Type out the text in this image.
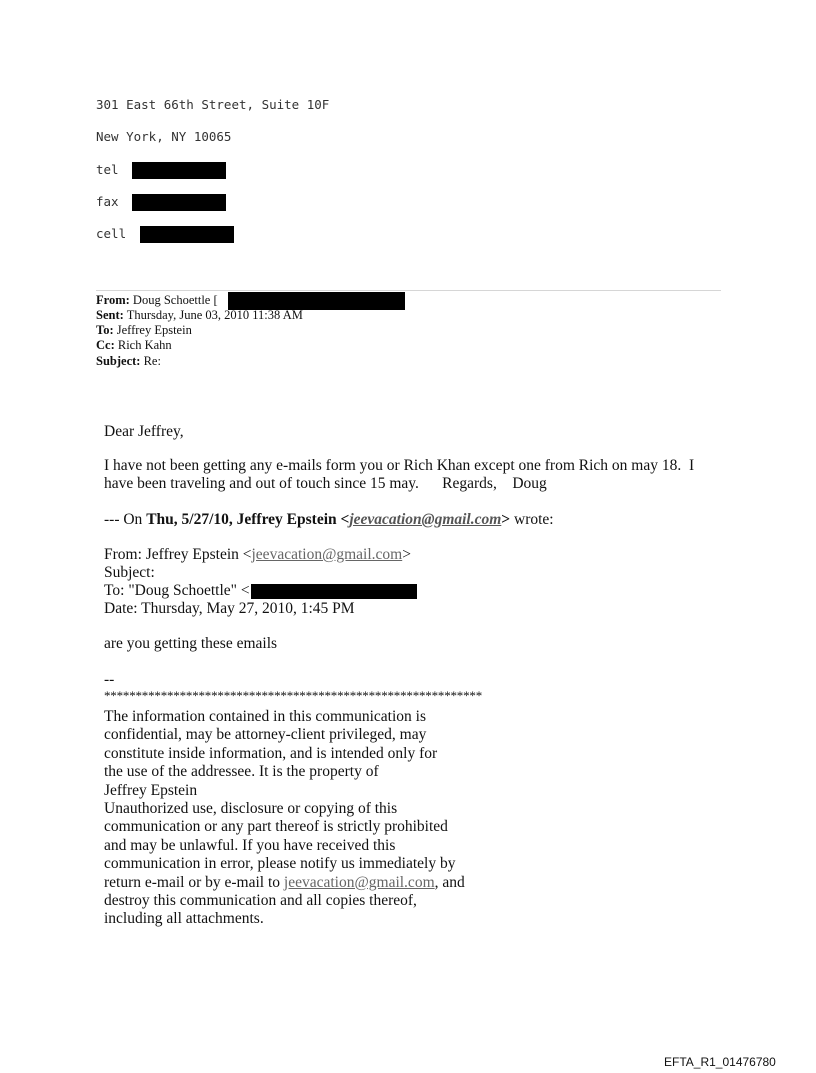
301 East 66th Street, Suite 10F
New York, NY 10065
tel
fax
cell
From: Doug Schoettle [
Sent: Thursday, June 03, 2010 11:38 AM
To: Jeffrey Epstein
Cc: Rich Kahn
Subject: Re:
Dear Jeffrey,
I have not been getting any e-mails form you or Rich Khan except one from Rich on may 18.  I
have been traveling and out of touch since 15 may.      Regards,    Doug
--- On Thu, 5/27/10, Jeffrey Epstein <jeevacation@gmail.com> wrote:
From: Jeffrey Epstein <jeevacation@gmail.com>
Subject:
To: "Doug Schoettle" <
Date: Thursday, May 27, 2010, 1:45 PM
are you getting these emails
--
************************************************************
The information contained in this communication is
confidential, may be attorney-client privileged, may
constitute inside information, and is intended only for
the use of the addressee. It is the property of
Jeffrey Epstein
Unauthorized use, disclosure or copying of this
communication or any part thereof is strictly prohibited
and may be unlawful. If you have received this
communication in error, please notify us immediately by
return e-mail or by e-mail to jeevacation@gmail.com, and
destroy this communication and all copies thereof,
including all attachments.
EFTA_R1_01476780
